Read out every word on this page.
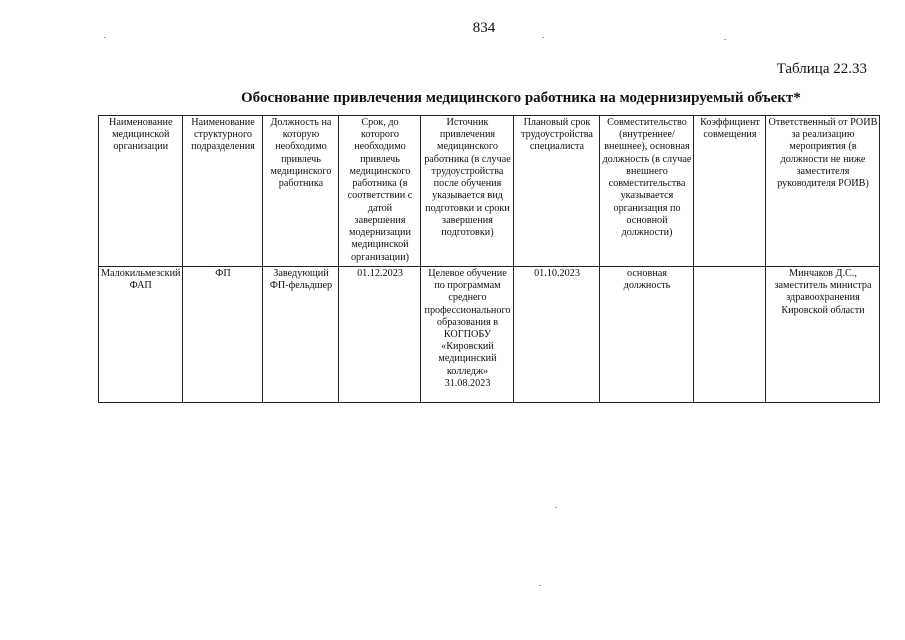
834
Таблица 22.33
Обоснование привлечения медицинского работника на модернизируемый объект*
Наименование медицинской организации	Наименование структурного подразделения	Должность на которую необходимо привлечь медицинского работника	Срок, до которого необходимо привлечь медицинского работника (в соответствии с датой завершения модернизации медицинской организации)	Источник привлечения медицинского работника (в случае трудоустройства после обучения указывается вид подготовки и сроки завершения подготовки)	Плановый срок трудоустройства специалиста	Совместительство (внутреннее/внешнее), основная должность (в случае внешнего совместительства указывается организация по основной должности)	Коэффициент совмещения	Ответственный от РОИВ за реализацию мероприятия (в должности не ниже заместителя руководителя РОИВ)
Малокильмезский ФАП	ФП	Заведующий ФП-фельдшер	01.12.2023	Целевое обучение по программам среднего профессионального образования в КОГПОБУ «Кировский медицинский колледж» 31.08.2023	01.10.2023	основная должность		Минчаков Д.С., заместитель министра здравоохранения Кировской области
